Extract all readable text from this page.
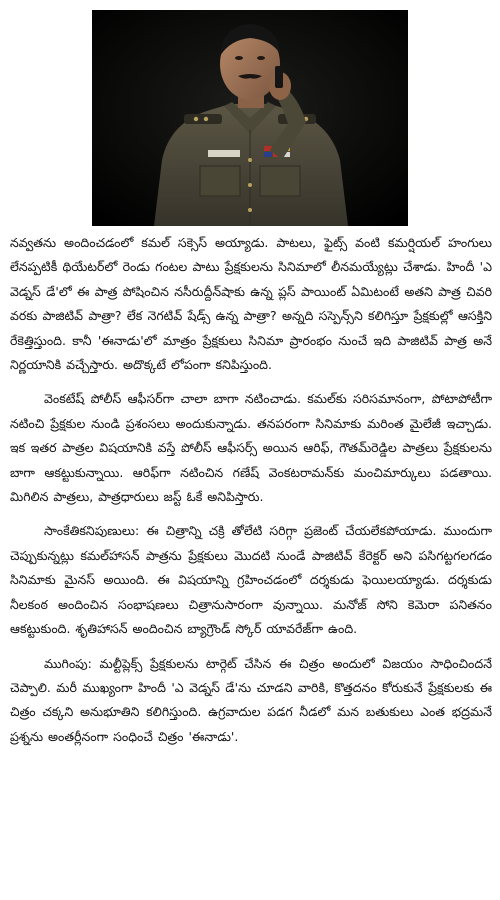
నవ్వతను అందించడంలో కమల్ సక్సెస్ అయ్యాడు. పాటలు, ఫైట్స్ వంటి కమర్షియల్ హంగులు లేనప్పటికీ థియేటర్‌లో రెండు గంటల పాటు ప్రేక్షకులను సినిమాలో లీనమయ్యేట్లు చేశాడు. హిందీ 'ఎ వెడ్నస్ డే'లో ఈ పాత్ర పోషించిన నసీరుద్దీన్‌షాకు ఉన్న ప్లస్ పాయింట్ ఏమిటంటే అతని పాత్ర చివరి వరకు పాజిటివ్ పాత్రా? లేక నెగటివ్ షేడ్స్ ఉన్న పాత్రా? అన్నది సస్పెన్స్‌ని కలిగిస్తూ ప్రేక్షకుల్లో ఆసక్తిని రేకెత్తిస్తుంది. కానీ 'ఈనాడు'లో మాత్రం ప్రేక్షకులు సినిమా ప్రారంభం నుంచే ఇది పాజిటివ్ పాత్ర అనే నిర్ణయానికి వచ్చేస్తారు. అదొక్కటే లోపంగా కనిపిస్తుంది.

వెంకటేష్ పోలీస్ ఆఫీసర్‌గా చాలా బాగా నటించాడు. కమల్‌కు సరిసమానంగా, పోటాపోటీగా నటించి ప్రేక్షకుల నుండి ప్రశంసలు అందుకున్నాడు. తనపరంగా సినిమాకు మరింత మైలేజీ ఇచ్చాడు. ఇక ఇతర పాత్రల విషయానికి వస్తే పోలీస్ ఆఫీసర్స్ అయిన ఆరిఫ్, గౌతమ్‌రెడ్డిల పాత్రలు ప్రేక్షకులను బాగా ఆకట్టుకున్నాయి. ఆరిఫ్‌గా నటించిన గణేష్ వెంకటరామన్‌కు మంచిమార్కులు పడతాయి. మిగిలిన పాత్రలు, పాత్రధారులు జస్ట్ ఓకే అనిపిస్తారు.

సాంకేతికనిపుణులు: ఈ చిత్రాన్ని చక్రి తోలేటి సరిగ్గా ప్రజెంట్ చేయలేకపోయాడు. ముందుగా చెప్పుకున్నట్లు కమల్‌హాసన్ పాత్రను ప్రేక్షకులు మొదటి నుండే పాజిటివ్ కేరెక్టర్ అని పసిగట్టగలగడం సినిమాకు మైనస్ అయింది. ఈ విషయాన్ని గ్రహించడంలో దర్శకుడు ఫెయిలయ్యాడు. దర్శకుడు నీలకంఠ అందించిన సంభాషణలు చిత్రానుసారంగా వున్నాయి. మనోజ్ సోని కెమెరా పనితనం ఆకట్టుకుంది. శృతిహాసన్ అందించిన బ్యాగ్రౌండ్ స్కోర్ యావరేజ్‌గా ఉంది.

ముగింపు: మల్టీప్లెక్స్ ప్రేక్షకులను టార్గెట్ చేసిన ఈ చిత్రం అందులో విజయం సాధించిందనే చెప్పాలి. మరీ ముఖ్యంగా హిందీ 'ఎ వెడ్నస్ డే'ను చూడని వారికి, కొత్తదనం కోరుకునే ప్రేక్షకులకు ఈ చిత్రం చక్కని అనుభూతిని కలిగిస్తుంది. ఉగ్రవాదుల పడగ నీడలో మన బతుకులు ఎంత భద్రమనే ప్రశ్నను అంతర్లీనంగా సంధించే చిత్రం 'ఈనాడు'.
